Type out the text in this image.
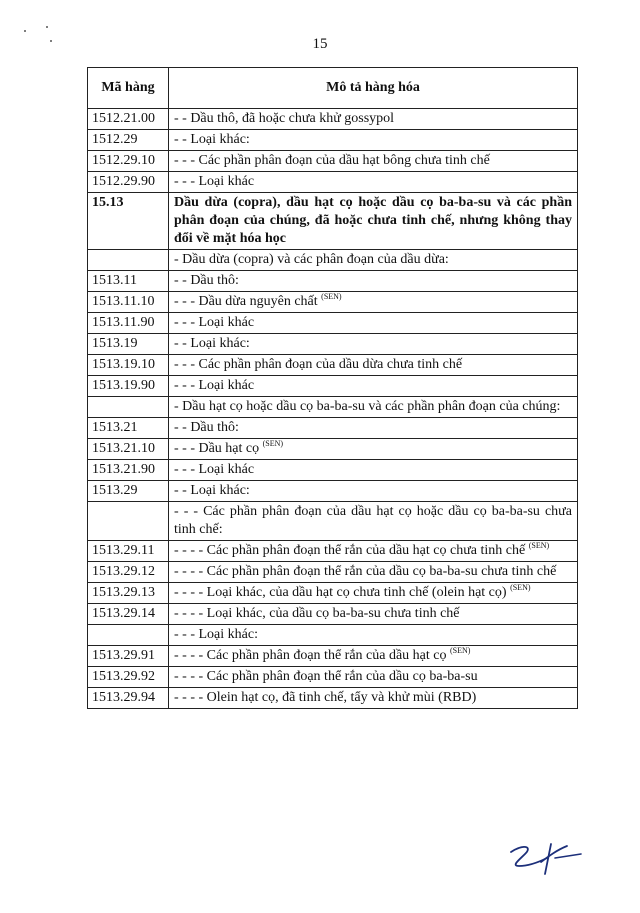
15
Mã hàng	Mô tả hàng hóa
1512.21.00	- - Dầu thô, đã hoặc chưa khử gossypol
1512.29	- - Loại khác:
1512.29.10	- - - Các phần phân đoạn của dầu hạt bông chưa tinh chế
1512.29.90	- - - Loại khác
15.13	Dầu dừa (copra), dầu hạt cọ hoặc dầu cọ ba-ba-su và các phần phân đoạn của chúng, đã hoặc chưa tinh chế, nhưng không thay đổi về mặt hóa học
	- Dầu dừa (copra) và các phân đoạn của dầu dừa:
1513.11	- - Dầu thô:
1513.11.10	- - - Dầu dừa nguyên chất $^{(SEN)}$
1513.11.90	- - - Loại khác
1513.19	- - Loại khác:
1513.19.10	- - - Các phần phân đoạn của dầu dừa chưa tinh chế
1513.19.90	- - - Loại khác
	- Dầu hạt cọ hoặc dầu cọ ba-ba-su và các phần phân đoạn của chúng:
1513.21	- - Dầu thô:
1513.21.10	- - - Dầu hạt cọ $^{(SEN)}$
1513.21.90	- - - Loại khác
1513.29	- - Loại khác:
	- - - Các phần phân đoạn của dầu hạt cọ hoặc dầu cọ ba-ba-su chưa tinh chế:
1513.29.11	- - - - Các phần phân đoạn thể rắn của dầu hạt cọ chưa tinh chế $^{(SEN)}$
1513.29.12	- - - - Các phần phân đoạn thể rắn của dầu cọ ba-ba-su chưa tinh chế
1513.29.13	- - - - Loại khác, của dầu hạt cọ chưa tinh chế (olein hạt cọ) $^{(SEN)}$
1513.29.14	- - - - Loại khác, của dầu cọ ba-ba-su chưa tinh chế
	- - - Loại khác:
1513.29.91	- - - - Các phần phân đoạn thể rắn của dầu hạt cọ $^{(SEN)}$
1513.29.92	- - - - Các phần phân đoạn thể rắn của dầu cọ ba-ba-su
1513.29.94	- - - - Olein hạt cọ, đã tinh chế, tẩy và khử mùi (RBD)
